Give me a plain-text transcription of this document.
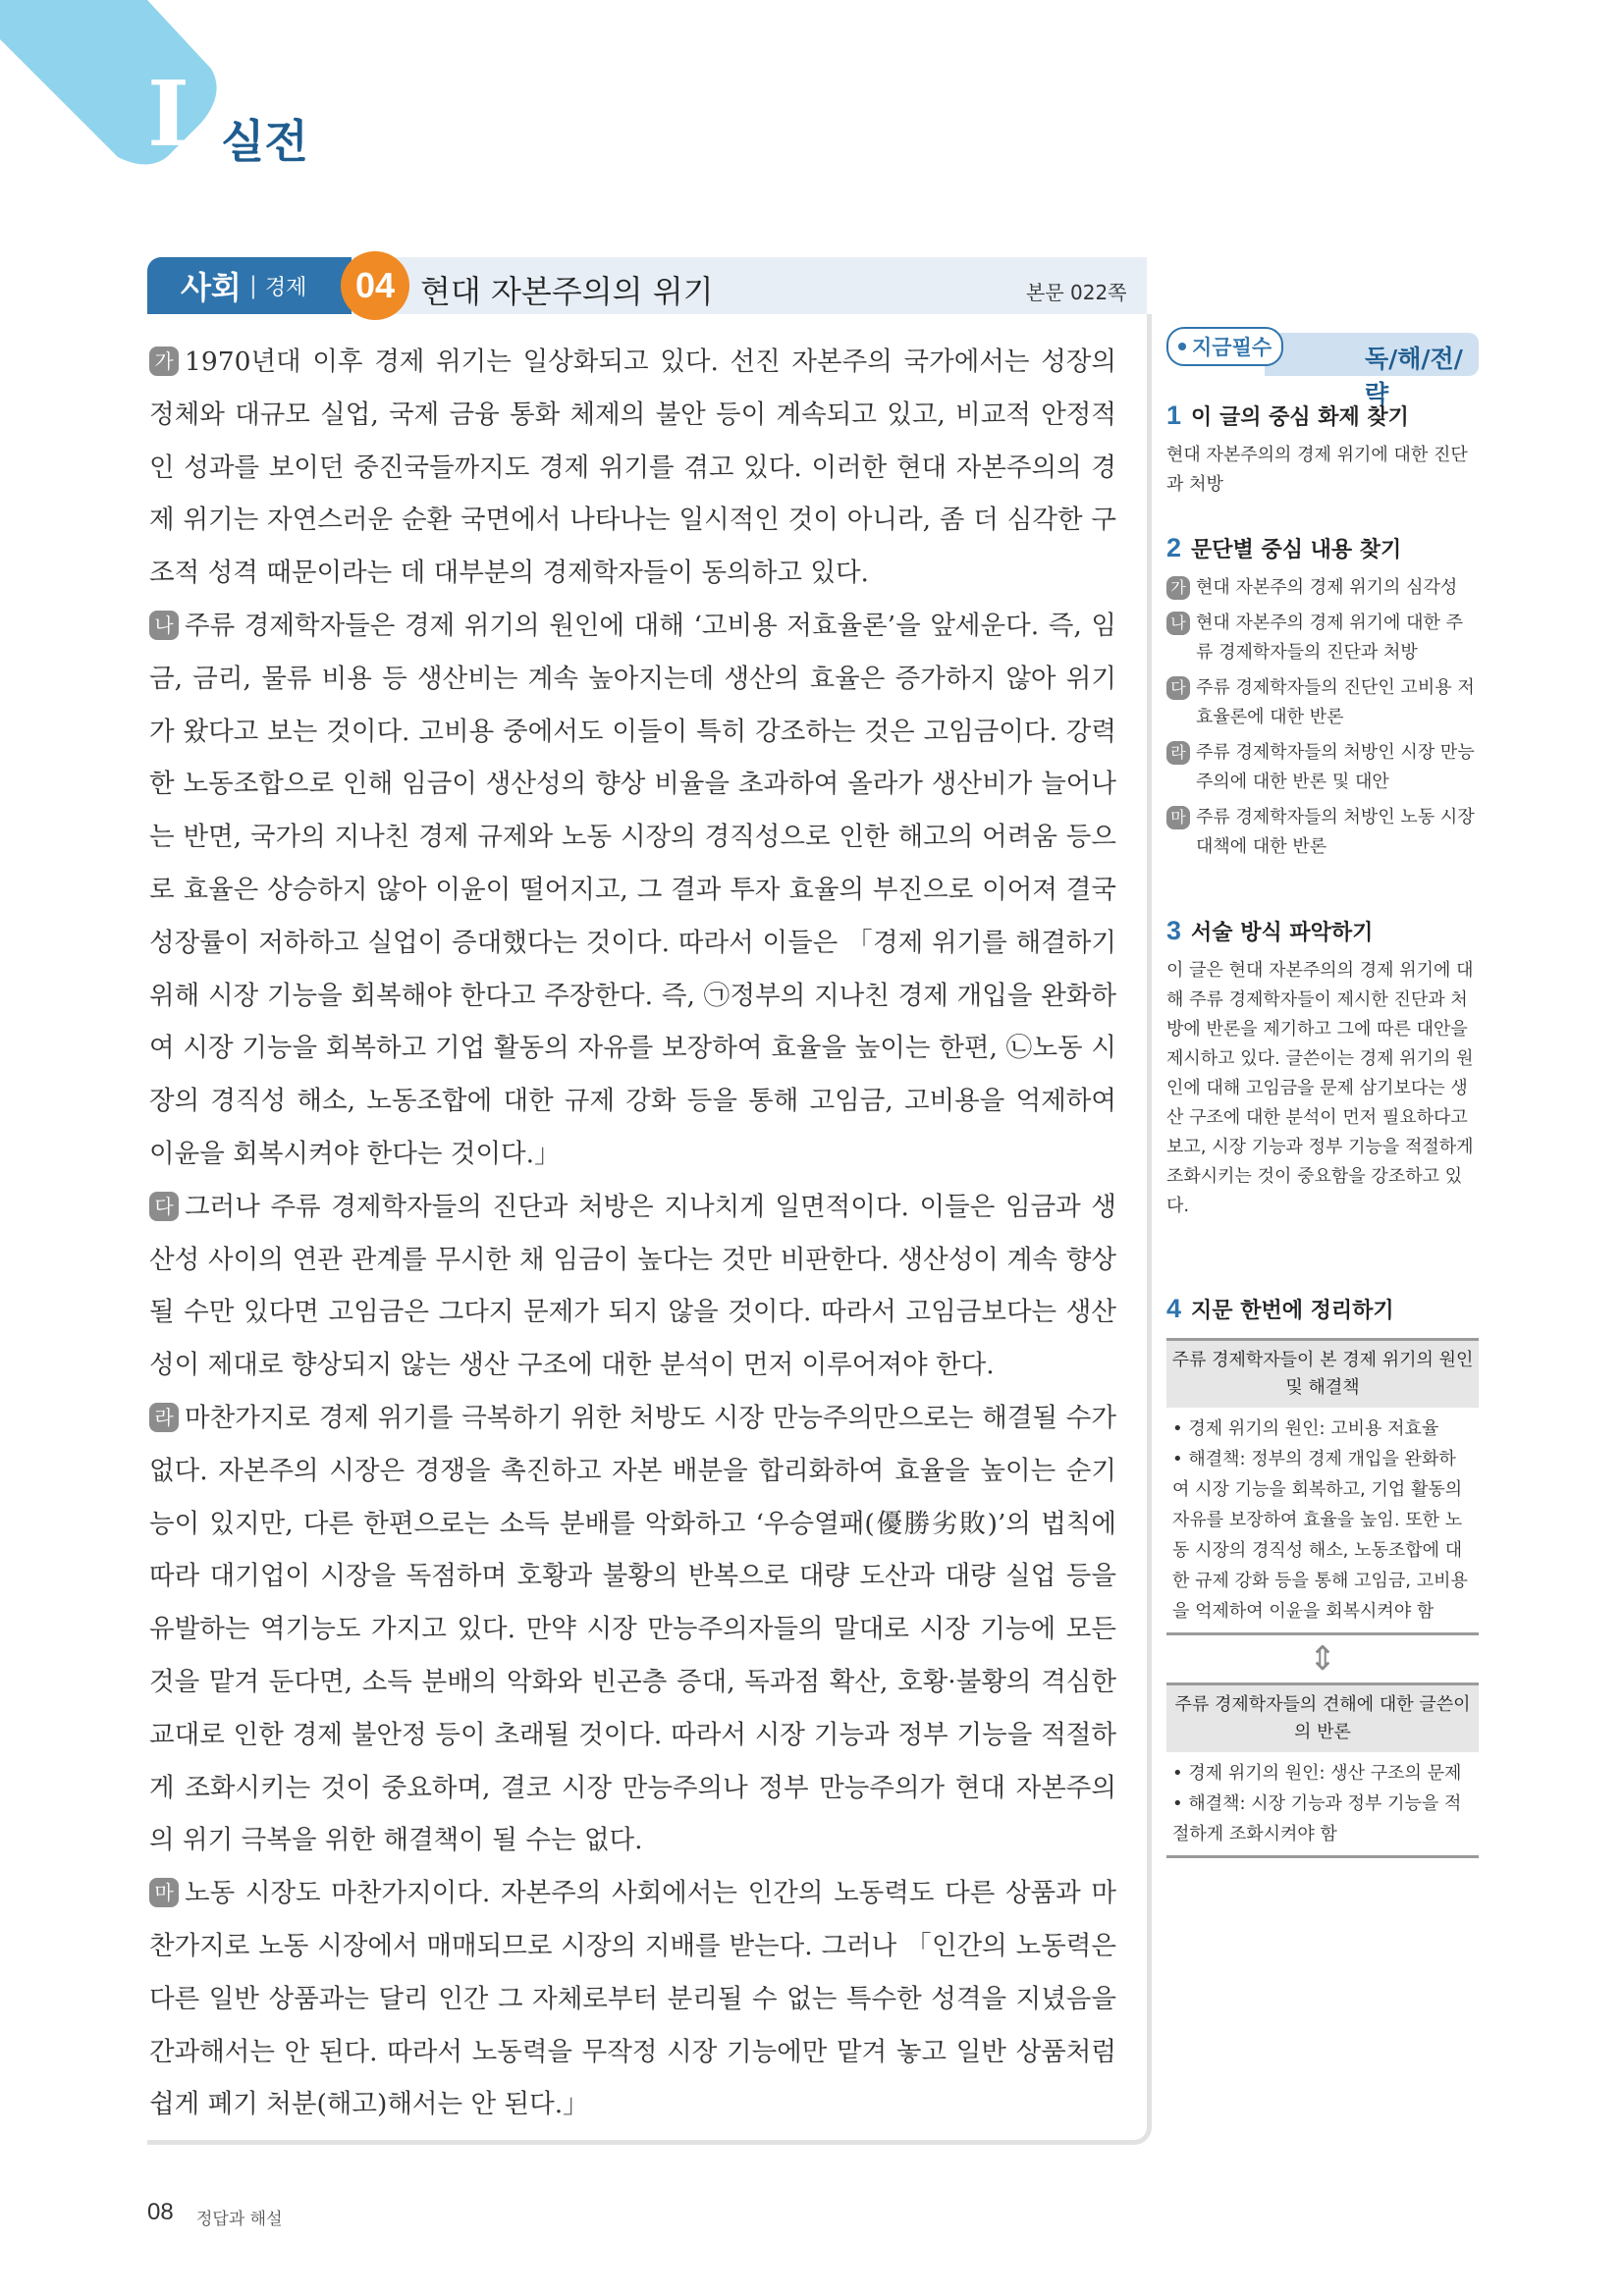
I 실전
사회 | 경제	04 현대 자본주의의 위기	본문 022쪽

가 1970년대 이후 경제 위기는 일상화되고 있다. 선진 자본주의 국가에서는 성장의 정체와 대규모 실업, 국제 금융 통화 체제의 불안 등이 계속되고 있고, 비교적 안정적인 성과를 보이던 중진국들까지도 경제 위기를 겪고 있다. 이러한 현대 자본주의의 경제 위기는 자연스러운 순환 국면에서 나타나는 일시적인 것이 아니라, 좀 더 심각한 구조적 성격 때문이라는 데 대부분의 경제학자들이 동의하고 있다.

나 주류 경제학자들은 경제 위기의 원인에 대해 ‘고비용 저효율론’을 앞세운다. 즉, 임금, 금리, 물류 비용 등 생산비는 계속 높아지는데 생산의 효율은 증가하지 않아 위기가 왔다고 보는 것이다. 고비용 중에서도 이들이 특히 강조하는 것은 고임금이다. 강력한 노동조합으로 인해 임금이 생산성의 향상 비율을 초과하여 올라가 생산비가 늘어나는 반면, 국가의 지나친 경제 규제와 노동 시장의 경직성으로 인한 해고의 어려움 등으로 효율은 상승하지 않아 이윤이 떨어지고, 그 결과 투자 효율의 부진으로 이어져 결국 성장률이 저하하고 실업이 증대했다는 것이다. 따라서 이들은 「경제 위기를 해결하기 위해 시장 기능을 회복해야 한다고 주장한다. 즉, ㉠정부의 지나친 경제 개입을 완화하여 시장 기능을 회복하고 기업 활동의 자유를 보장하여 효율을 높이는 한편, ㉡노동 시장의 경직성 해소, 노동조합에 대한 규제 강화 등을 통해 고임금, 고비용을 억제하여 이윤을 회복시켜야 한다는 것이다.」

다 그러나 주류 경제학자들의 진단과 처방은 지나치게 일면적이다. 이들은 임금과 생산성 사이의 연관 관계를 무시한 채 임금이 높다는 것만 비판한다. 생산성이 계속 향상될 수만 있다면 고임금은 그다지 문제가 되지 않을 것이다. 따라서 고임금보다는 생산성이 제대로 향상되지 않는 생산 구조에 대한 분석이 먼저 이루어져야 한다.

라 마찬가지로 경제 위기를 극복하기 위한 처방도 시장 만능주의만으로는 해결될 수가 없다. 자본주의 시장은 경쟁을 촉진하고 자본 배분을 합리화하여 효율을 높이는 순기능이 있지만, 다른 한편으로는 소득 분배를 악화하고 ‘우승열패(優勝劣敗)’의 법칙에 따라 대기업이 시장을 독점하며 호황과 불황의 반복으로 대량 도산과 대량 실업 등을 유발하는 역기능도 가지고 있다. 만약 시장 만능주의자들의 말대로 시장 기능에 모든 것을 맡겨 둔다면, 소득 분배의 악화와 빈곤층 증대, 독과점 확산, 호황·불황의 격심한 교대로 인한 경제 불안정 등이 초래될 것이다. 따라서 시장 기능과 정부 기능을 적절하게 조화시키는 것이 중요하며, 결코 시장 만능주의나 정부 만능주의가 현대 자본주의의 위기 극복을 위한 해결책이 될 수는 없다.

마 노동 시장도 마찬가지이다. 자본주의 사회에서는 인간의 노동력도 다른 상품과 마찬가지로 노동 시장에서 매매되므로 시장의 지배를 받는다. 그러나 「인간의 노동력은 다른 일반 상품과는 달리 인간 그 자체로부터 분리될 수 없는 특수한 성격을 지녔음을 간과해서는 안 된다. 따라서 노동력을 무작정 시장 기능에만 맡겨 놓고 일반 상품처럼 쉽게 폐기 처분(해고)해서는 안 된다.」

독/해/전/략
지금필수
1 이 글의 중심 화제 찾기
현대 자본주의의 경제 위기에 대한 진단과 처방
2 문단별 중심 내용 찾기
가 현대 자본주의 경제 위기의 심각성
나 현대 자본주의 경제 위기에 대한 주류 경제학자들의 진단과 처방
다 주류 경제학자들의 진단인 고비용 저효율론에 대한 반론
라 주류 경제학자들의 처방인 시장 만능주의에 대한 반론 및 대안
마 주류 경제학자들의 처방인 노동 시장 대책에 대한 반론
3 서술 방식 파악하기
이 글은 현대 자본주의의 경제 위기에 대해 주류 경제학자들이 제시한 진단과 처방에 반론을 제기하고 그에 따른 대안을 제시하고 있다. 글쓴이는 경제 위기의 원인에 대해 고임금을 문제 삼기보다는 생산 구조에 대한 분석이 먼저 필요하다고 보고, 시장 기능과 정부 기능을 적절하게 조화시키는 것이 중요함을 강조하고 있다.
4 지문 한번에 정리하기
주류 경제학자들이 본 경제 위기의 원인 및 해결책
• 경제 위기의 원인: 고비용 저효율
• 해결책: 정부의 경제 개입을 완화하여 시장 기능을 회복하고, 기업 활동의 자유를 보장하여 효율을 높임. 또한 노동 시장의 경직성 해소, 노동조합에 대한 규제 강화 등을 통해 고임금, 고비용을 억제하여 이윤을 회복시켜야 함
⇕
주류 경제학자들의 견해에 대한 글쓴이의 반론
• 경제 위기의 원인: 생산 구조의 문제
• 해결책: 시장 기능과 정부 기능을 적절하게 조화시켜야 함
08 정답과 해설
